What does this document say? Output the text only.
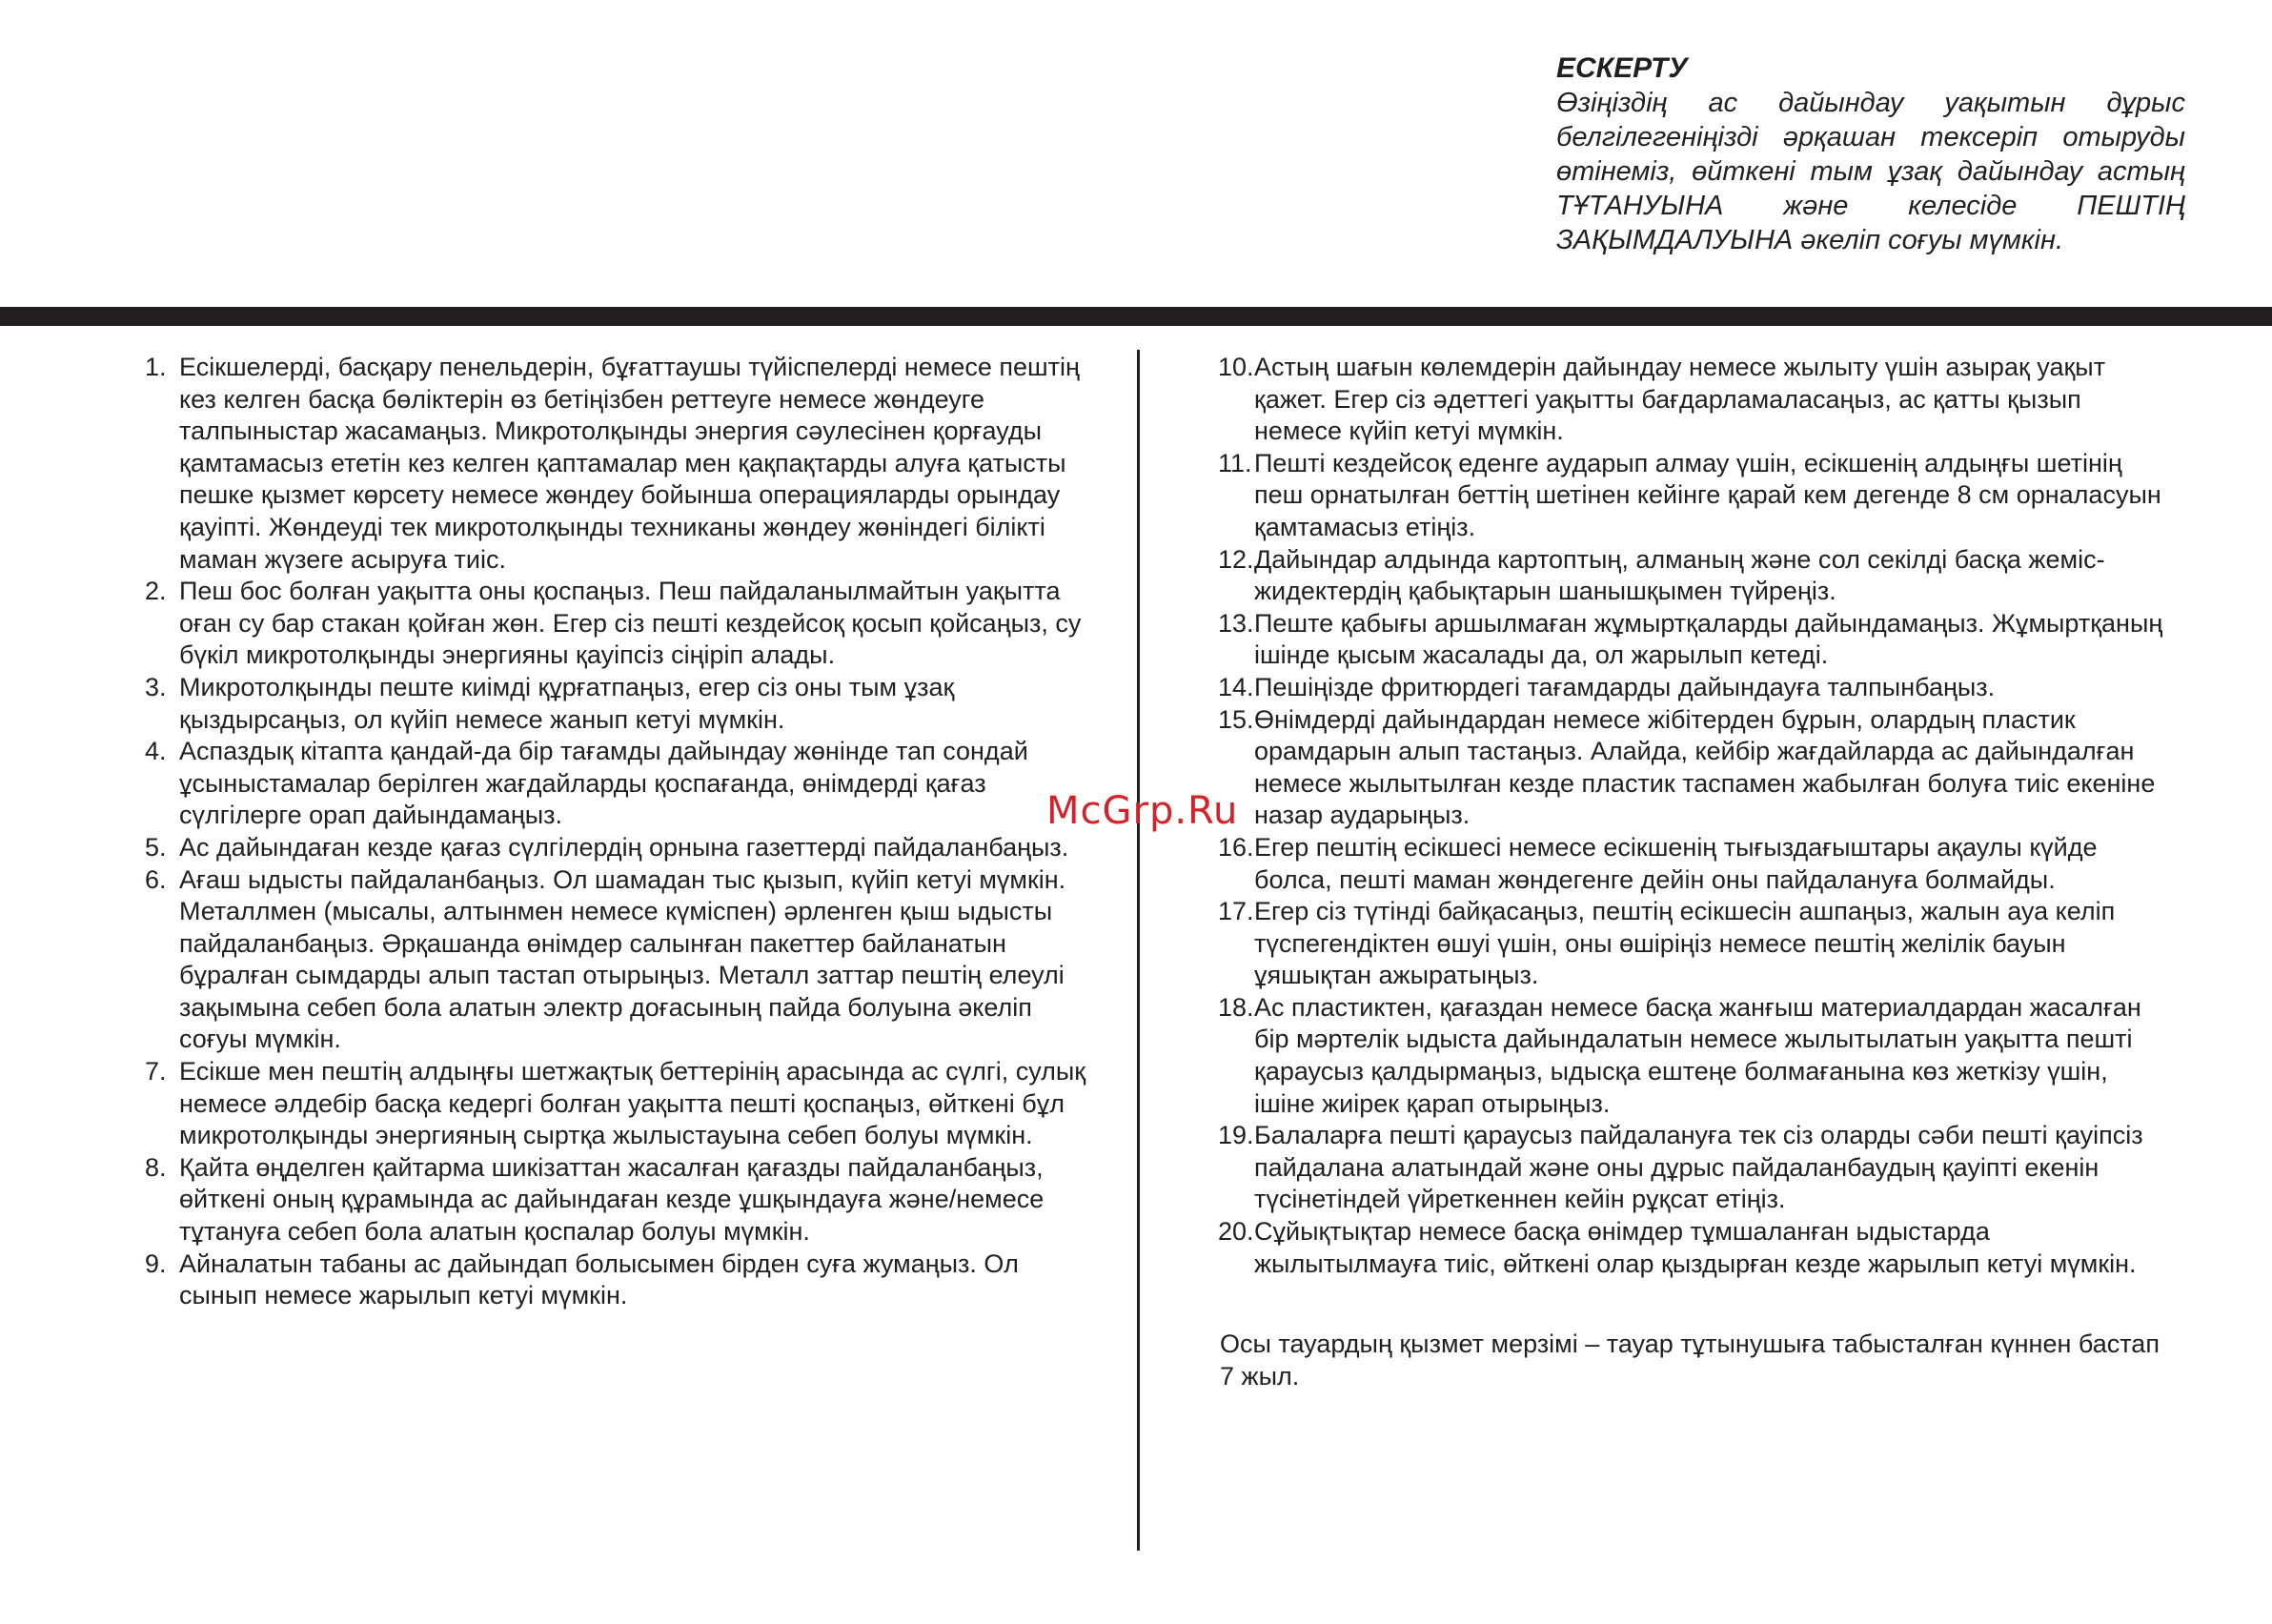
ЕСКЕРТУ

Өзіңіздің ас дайындау уақытын дұрыс белгілегеніңізді әрқашан тексеріп отыруды өтінеміз, өйткені тым ұзақ дайындау астың ТҰТАНУЫНА және келесіде ПЕШТІҢ ЗАҚЫМДАЛУЫНА әкеліп соғуы мүмкін.

1. Есікшелерді, басқару пенельдерін, бұғаттаушы түйіспелерді немесе пештің кез келген басқа бөліктерін өз бетіңізбен реттеуге немесе жөндеуге талпыныстар жасамаңыз. Микротолқынды энергия сәулесінен қорғауды қамтамасыз ететін кез келген қаптамалар мен қақпақтарды алуға қатысты пешке қызмет көрсету немесе жөндеу бойынша операцияларды орындау қауіпті. Жөндеуді тек микротолқынды техниканы жөндеу жөніндегі білікті маман жүзеге асыруға тиіс.
2. Пеш бос болған уақытта оны қоспаңыз. Пеш пайдаланылмайтын уақытта оған су бар стакан қойған жөн. Егер сіз пешті кездейсоқ қосып қойсаңыз, су бүкіл микротолқынды энергияны қауіпсіз сіңіріп алады.
3. Микротолқынды пеште киімді құрғатпаңыз, егер сіз оны тым ұзақ қыздырсаңыз, ол күйіп немесе жанып кетуі мүмкін.
4. Аспаздық кітапта қандай-да бір тағамды дайындау жөнінде тап сондай ұсыныстамалар берілген жағдайларды қоспағанда, өнімдерді қағаз сүлгілерге орап дайындамаңыз.
5. Ас дайындаған кезде қағаз сүлгілердің орнына газеттерді пайдаланбаңыз.
6. Ағаш ыдысты пайдаланбаңыз. Ол шамадан тыс қызып, күйіп кетуі мүмкін. Металлмен (мысалы, алтынмен немесе күміспен) әрленген қыш ыдысты пайдаланбаңыз. Әрқашанда өнімдер салынған пакеттер байланатын бұралған сымдарды алып тастап отырыңыз. Металл заттар пештің елеулі зақымына себеп бола алатын электр доғасының пайда болуына әкеліп соғуы мүмкін.
7. Есікше мен пештің алдыңғы шетжақтық беттерінің арасында ас сүлгі, сулық немесе әлдебір басқа кедергі болған уақытта пешті қоспаңыз, өйткені бұл микротолқынды энергияның сыртқа жылыстауына себеп болуы мүмкін.
8. Қайта өңделген қайтарма шикізаттан жасалған қағазды пайдаланбаңыз, өйткені оның құрамында ас дайындаған кезде ұшқындауға және/немесе тұтануға себеп бола алатын қоспалар болуы мүмкін.
9. Айналатын табаны ас дайындап болысымен бірден суға жумаңыз. Ол сынып немесе жарылып кетуі мүмкін.
10. Астың шағын көлемдерін дайындау немесе жылыту үшін азырақ уақыт қажет. Егер сіз әдеттегі уақытты бағдарламаласаңыз, ас қатты қызып немесе күйіп кетуі мүмкін.
11. Пешті кездейсоқ еденге аударып алмау үшін, есікшенің алдыңғы шетінің пеш орнатылған беттің шетінен кейінге қарай кем дегенде 8 см орналасуын қамтамасыз етіңіз.
12. Дайындар алдында картоптың, алманың және сол секілді басқа жеміс-жидектердің қабықтарын шанышқымен түйреңіз.
13. Пеште қабығы аршылмаған жұмыртқаларды дайындамаңыз. Жұмыртқаның ішінде қысым жасалады да, ол жарылып кетеді.
14. Пешіңізде фритюрдегі тағамдарды дайындауға талпынбаңыз.
15. Өнімдерді дайындардан немесе жібітерден бұрын, олардың пластик орамдарын алып тастаңыз. Алайда, кейбір жағдайларда ас дайындалған немесе жылытылған кезде пластик таспамен жабылған болуға тиіс екеніне назар аударыңыз.
16. Егер пештің есікшесі немесе есікшенің тығыздағыштары ақаулы күйде болса, пешті маман жөндегенге дейін оны пайдалануға болмайды.
17. Егер сіз түтінді байқасаңыз, пештің есікшесін ашпаңыз, жалын ауа келіп түспегендіктен өшуі үшін, оны өшіріңіз немесе пештің желілік бауын ұяшықтан ажыратыңыз.
18. Ас пластиктен, қағаздан немесе басқа жанғыш материалдардан жасалған бір мәртелік ыдыста дайындалатын немесе жылытылатын уақытта пешті қараусыз қалдырмаңыз, ыдысқа ештеңе болмағанына көз жеткізу үшін, ішіне жиірек қарап отырыңыз.
19. Балаларға пешті қараусыз пайдалануға тек сіз оларды сәби пешті қауіпсіз пайдалана алатындай және оны дұрыс пайдаланбаудың қауіпті екенін түсінетіндей үйреткеннен кейін рұқсат етіңіз.
20. Сұйықтықтар немесе басқа өнімдер тұмшаланған ыдыстарда жылытылмауға тиіс, өйткені олар қыздырған кезде жарылып кетуі мүмкін.

Осы тауардың қызмет мерзімі – тауар тұтынушыға табысталған күннен бастап 7 жыл.

McGrp.Ru
